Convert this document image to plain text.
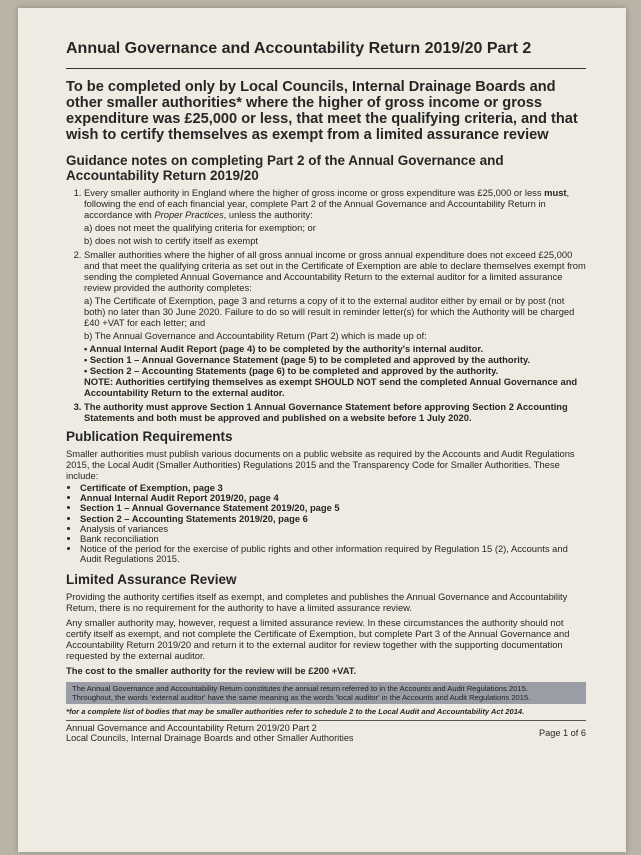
Annual Governance and Accountability Return 2019/20 Part 2

To be completed only by Local Councils, Internal Drainage Boards and other smaller authorities* where the higher of gross income or gross expenditure was £25,000 or less, that meet the qualifying criteria, and that wish to certify themselves as exempt from a limited assurance review

Guidance notes on completing Part 2 of the Annual Governance and Accountability Return 2019/20
1. Every smaller authority in England where the higher of gross income or gross expenditure was £25,000 or less must, following the end of each financial year, complete Part 2 of the Annual Governance and Accountability Return in accordance with Proper Practices, unless the authority:
a) does not meet the qualifying criteria for exemption; or
b) does not wish to certify itself as exempt
2. Smaller authorities where the higher of all gross annual income or gross annual expenditure does not exceed £25,000 and that meet the qualifying criteria as set out in the Certificate of Exemption are able to declare themselves exempt from sending the completed Annual Governance and Accountability Return to the external auditor for a limited assurance review provided the authority completes:
a) The Certificate of Exemption, page 3 and returns a copy of it to the external auditor either by email or by post (not both) no later than 30 June 2020. Failure to do so will result in reminder letter(s) for which the Authority will be charged £40 +VAT for each letter; and
b) The Annual Governance and Accountability Return (Part 2) which is made up of:
• Annual Internal Audit Report (page 4) to be completed by the authority's internal auditor.
• Section 1 – Annual Governance Statement (page 5) to be completed and approved by the authority.
• Section 2 – Accounting Statements (page 6) to be completed and approved by the authority.
NOTE: Authorities certifying themselves as exempt SHOULD NOT send the completed Annual Governance and Accountability Return to the external auditor.
3. The authority must approve Section 1 Annual Governance Statement before approving Section 2 Accounting Statements and both must be approved and published on a website before 1 July 2020.
Publication Requirements

Smaller authorities must publish various documents on a public website as required by the Accounts and Audit Regulations 2015, the Local Audit (Smaller Authorities) Regulations 2015 and the Transparency Code for Smaller Authorities. These include:

• Certificate of Exemption, page 3
• Annual Internal Audit Report 2019/20, page 4
• Section 1 – Annual Governance Statement 2019/20, page 5
• Section 2 – Accounting Statements 2019/20, page 6
• Analysis of variances
• Bank reconciliation
• Notice of the period for the exercise of public rights and other information required by Regulation 15 (2), Accounts and Audit Regulations 2015.
Limited Assurance Review

Providing the authority certifies itself as exempt, and completes and publishes the Annual Governance and Accountability Return, there is no requirement for the authority to have a limited assurance review.

Any smaller authority may, however, request a limited assurance review. In these circumstances the authority should not certify itself as exempt, and not complete the Certificate of Exemption, but complete Part 3 of the Annual Governance and Accountability Return 2019/20 and return it to the external auditor for review together with the supporting documentation requested by the external auditor.

The cost to the smaller authority for the review will be £200 +VAT.

The Annual Governance and Accountability Return constitutes the annual return referred to in the Accounts and Audit Regulations 2015.
Throughout, the words 'external auditor' have the same meaning as the words 'local auditor' in the Accounts and Audit Regulations 2015.
*for a complete list of bodies that may be smaller authorities refer to schedule 2 to the Local Audit and Accountability Act 2014.
Annual Governance and Accountability Return 2019/20 Part 2
Local Councils, Internal Drainage Boards and other Smaller Authorities	Page 1 of 6
